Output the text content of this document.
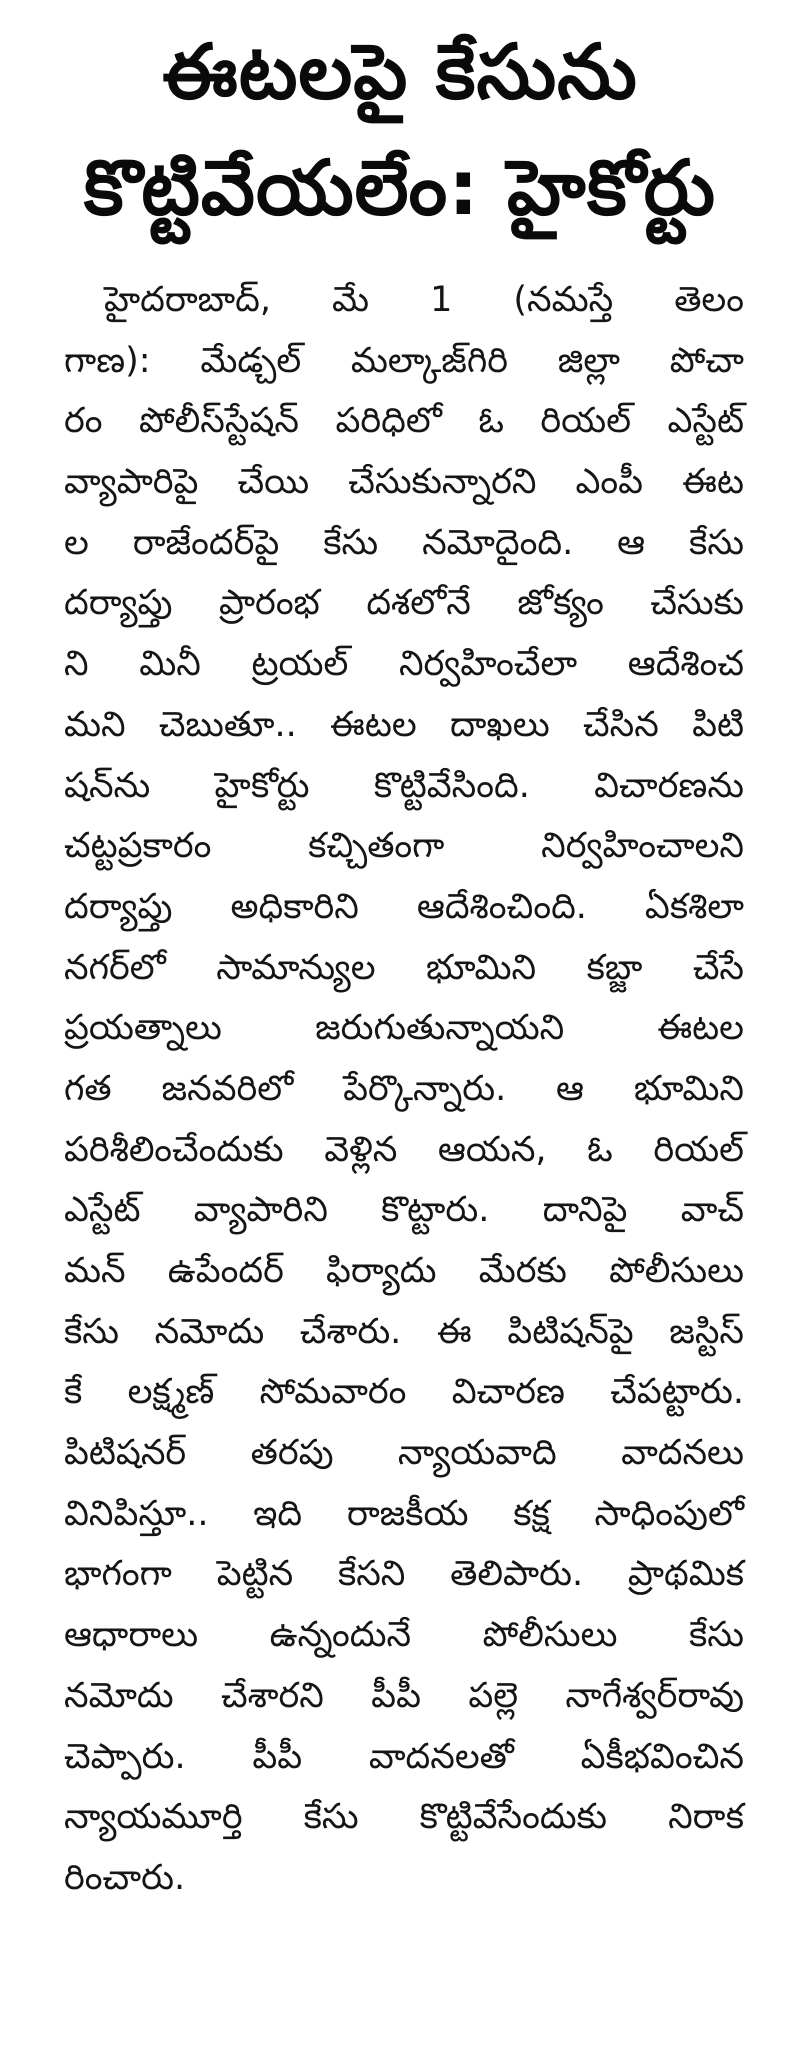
ఈటలపై కేసును
కొట్టివేయలేం: హైకోర్టు
హైదరాబాద్, మే 1 (నమస్తే తెలం
గాణ): మేడ్చల్ మల్కాజ్‌గిరి జిల్లా పోచా
రం పోలీస్‌స్టేషన్ పరిధిలో ఓ రియల్ ఎస్టేట్
వ్యాపారిపై చేయి చేసుకున్నారని ఎంపీ ఈట
ల రాజేందర్‌పై కేసు నమోదైంది. ఆ కేసు
దర్యాప్తు ప్రారంభ దశలోనే జోక్యం చేసుకు
ని మినీ ట్రయల్ నిర్వహించేలా ఆదేశించ
మని చెబుతూ.. ఈటల దాఖలు చేసిన పిటి
షన్‌ను హైకోర్టు కొట్టివేసింది. విచారణను
చట్టప్రకారం కచ్చితంగా నిర్వహించాలని
దర్యాప్తు అధికారిని ఆదేశించింది. ఏకశిలా
నగర్‌లో సామాన్యుల భూమిని కబ్జా చేసే
ప్రయత్నాలు జరుగుతున్నాయని ఈటల
గత జనవరిలో పేర్కొన్నారు. ఆ భూమిని
పరిశీలించేందుకు వెళ్లిన ఆయన, ఓ రియల్
ఎస్టేట్ వ్యాపారిని కొట్టారు. దానిపై వాచ్
మన్ ఉపేందర్ ఫిర్యాదు మేరకు పోలీసులు
కేసు నమోదు చేశారు. ఈ పిటిషన్‌పై జస్టిస్
కే లక్ష్మణ్ సోమవారం విచారణ చేపట్టారు.
పిటిషనర్ తరపు న్యాయవాది వాదనలు
వినిపిస్తూ.. ఇది రాజకీయ కక్ష సాధింపులో
భాగంగా పెట్టిన కేసని తెలిపారు. ప్రాథమిక
ఆధారాలు ఉన్నందునే పోలీసులు కేసు
నమోదు చేశారని పీపీ పల్లె నాగేశ్వర్‌రావు
చెప్పారు. పీపీ వాదనలతో ఏకీభవించిన
న్యాయమూర్తి కేసు కొట్టివేసేందుకు నిరాక
రించారు.
